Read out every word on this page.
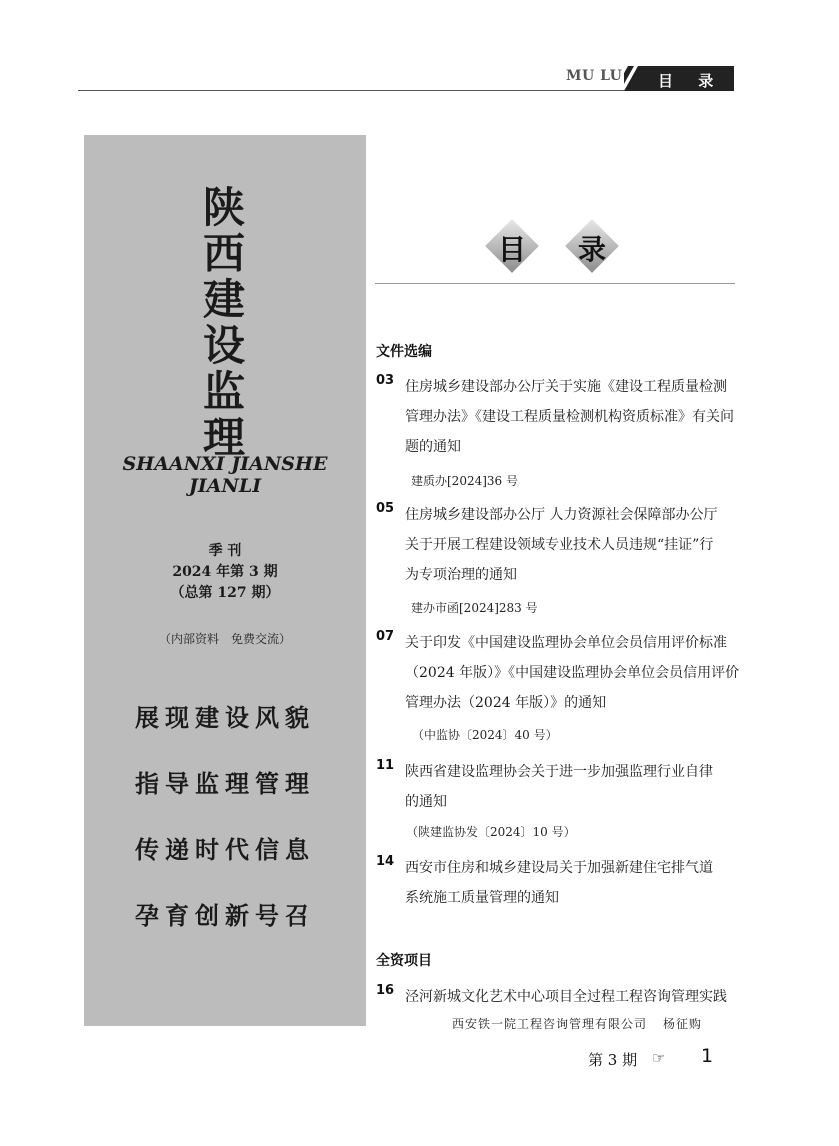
MU LU 目 录
陕
西
建
设
监
理
SHAANXI JIANSHE JIANLI
季 刊
2024 年第 3 期
（总第 127 期）
（内部资料　免费交流）
展现建设风貌
指导监理管理
传递时代信息
孕育创新号召
目	录
文件选编
03 住房城乡建设部办公厅关于实施《建设工程质量检测
管理办法》《建设工程质量检测机构资质标准》有关问
题的通知
建质办[2024]36 号
05 住房城乡建设部办公厅 人力资源社会保障部办公厅
关于开展工程建设领域专业技术人员违规“挂证”行
为专项治理的通知
建办市函[2024]283 号
07 关于印发《中国建设监理协会单位会员信用评价标准
（2024 年版）》《中国建设监理协会单位会员信用评价
管理办法（2024 年版）》的通知
（中监协〔2024〕40 号）
11 陕西省建设监理协会关于进一步加强监理行业自律
的通知
（陕建监协发〔2024〕10 号）
14 西安市住房和城乡建设局关于加强新建住宅排气道
系统施工质量管理的通知
全资项目
16 泾河新城文化艺术中心项目全过程工程咨询管理实践
西安铁一院工程咨询管理有限公司 杨征购
第 3 期 ☞ 1
